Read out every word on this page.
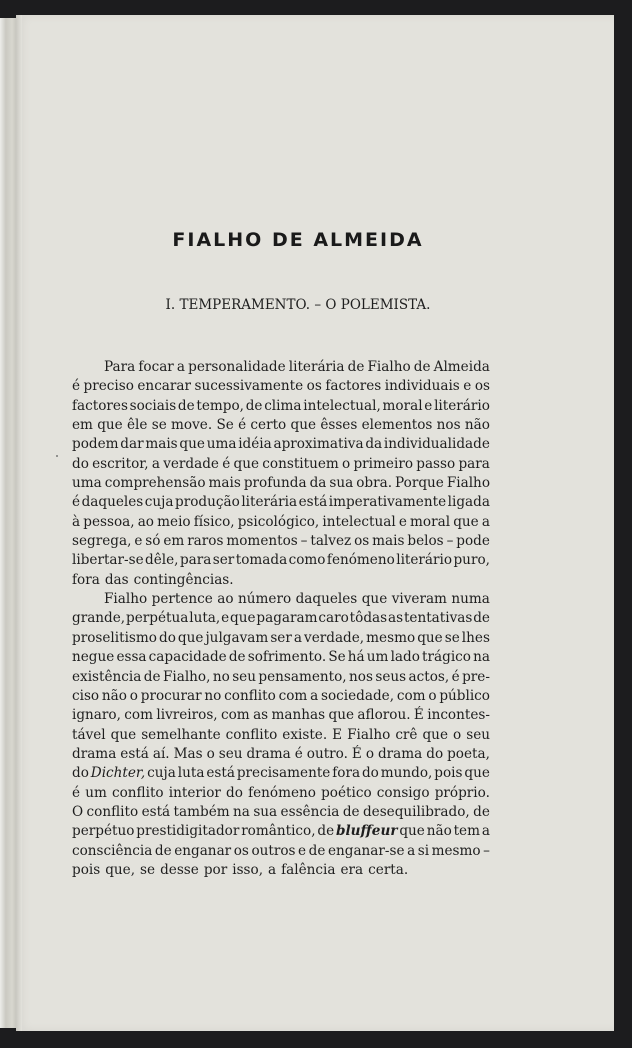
FIALHO DE ALMEIDA
I. TEMPERAMENTO. – O POLEMISTA.
Para focar a personalidade literária de Fialho de Almeida
é preciso encarar sucessivamente os factores individuais e os
factores sociais de tempo, de clima intelectual, moral e literário
em que êle se move. Se é certo que êsses elementos nos não
podem dar mais que uma idéia aproximativa da individualidade
do escritor, a verdade é que constituem o primeiro passo para
uma comprehensão mais profunda da sua obra. Porque Fialho
é daqueles cuja produção literária está imperativamente ligada
à pessoa, ao meio físico, psicológico, intelectual e moral que a
segrega, e só em raros momentos – talvez os mais belos – pode
libertar-se dêle, para ser tomada como fenómeno literário puro,
fora das contingências.
Fialho pertence ao número daqueles que viveram numa
grande, perpétua luta, e que pagaram caro tôdas as tentativas de
proselitismo do que julgavam ser a verdade, mesmo que se lhes
negue essa capacidade de sofrimento. Se há um lado trágico na
existência de Fialho, no seu pensamento, nos seus actos, é pre-
ciso não o procurar no conflito com a sociedade, com o público
ignaro, com livreiros, com as manhas que aflorou. É incontes-
tável que semelhante conflito existe. E Fialho crê que o seu
drama está aí. Mas o seu drama é outro. É o drama do poeta,
do Dichter, cuja luta está precisamente fora do mundo, pois que
é um conflito interior do fenómeno poético consigo próprio.
O conflito está também na sua essência de desequilibrado, de
perpétuo prestidigitador romântico, de bluffeur que não tem a
consciência de enganar os outros e de enganar-se a si mesmo –
pois que, se desse por isso, a falência era certa.
